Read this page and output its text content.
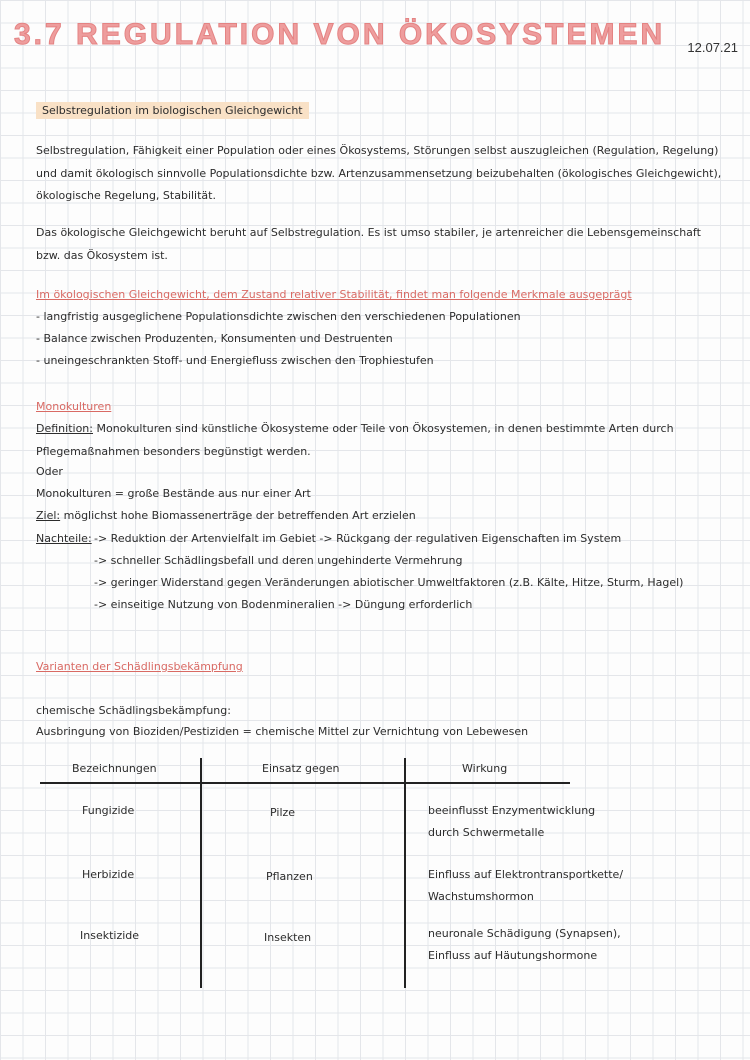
3.7 REGULATION VON ÖKOSYSTEMEN	12.07.21
Selbstregulation im biologischen Gleichgewicht

Selbstregulation, Fähigkeit einer Population oder eines Ökosystems, Störungen selbst auszugleichen (Regulation, Regelung) und damit ökologisch sinnvolle Populationsdichte bzw. Artenzusammensetzung beizubehalten (ökologisches Gleichgewicht), ökologische Regelung, Stabilität.

Das ökologische Gleichgewicht beruht auf Selbstregulation. Es ist umso stabiler, je artenreicher die Lebensgemeinschaft bzw. das Ökosystem ist.

Im ökologischen Gleichgewicht, dem Zustand relativer Stabilität, findet man folgende Merkmale ausgeprägt
- langfristig ausgeglichene Populationsdichte zwischen den verschiedenen Populationen
- Balance zwischen Produzenten, Konsumenten und Destruenten
- uneingeschrankten Stoff- und Energiefluss zwischen den Trophiestufen
Monokulturen

Definition: Monokulturen sind künstliche Ökosysteme oder Teile von Ökosystemen, in denen bestimmte Arten durch Pflegemaßnahmen besonders begünstigt werden.

Oder
Monokulturen = große Bestände aus nur einer Art
Ziel: möglichst hohe Biomassenerträge der betreffenden Art erzielen
Nachteile: -> Reduktion der Artenvielfalt im Gebiet -> Rückgang der regulativen Eigenschaften im System
-> schneller Schädlingsbefall und deren ungehinderte Vermehrung
-> geringer Widerstand gegen Veränderungen abiotischer Umweltfaktoren (z.B. Kälte, Hitze, Sturm, Hagel)
-> einseitige Nutzung von Bodenmineralien -> Düngung erforderlich
Varianten der Schädlingsbekämpfung
chemische Schädlingsbekämpfung:
Ausbringung von Bioziden/Pestiziden = chemische Mittel zur Vernichtung von Lebewesen
Bezeichnungen	Einsatz gegen	Wirkung
Fungizide	Pilze	beeinflusst Enzymentwicklung
durch Schwermetalle
Herbizide	Pflanzen	Einfluss auf Elektrontransportkette/
Wachstumshormon
Insektizide	Insekten	neuronale Schädigung (Synapsen),
Einfluss auf Häutungshormone
